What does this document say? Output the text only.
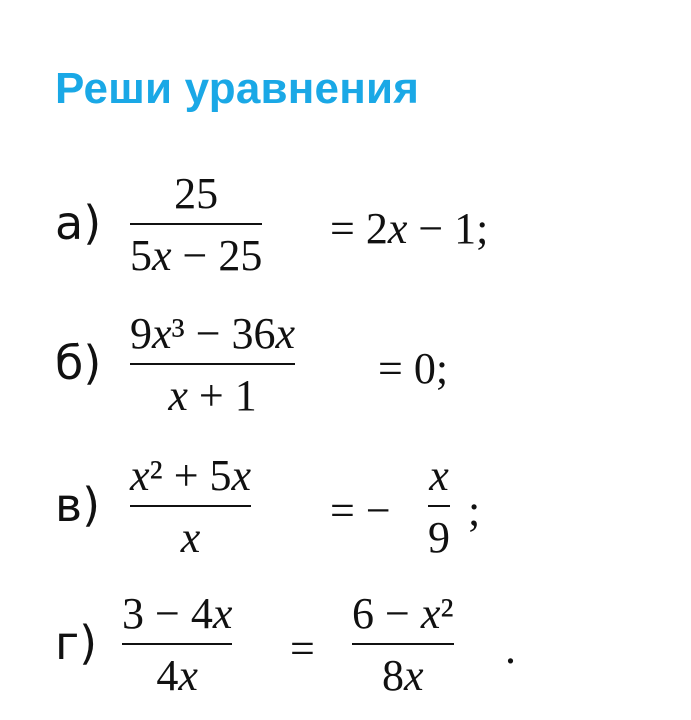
Реши уравнения
а)
25
5x − 25
= 2x − 1;
б)
9x³ − 36x
x + 1
= 0;
в)
x² + 5x
x
= −
x
9
;
г)
3 − 4x
4x
=
6 − x²
8x
.
